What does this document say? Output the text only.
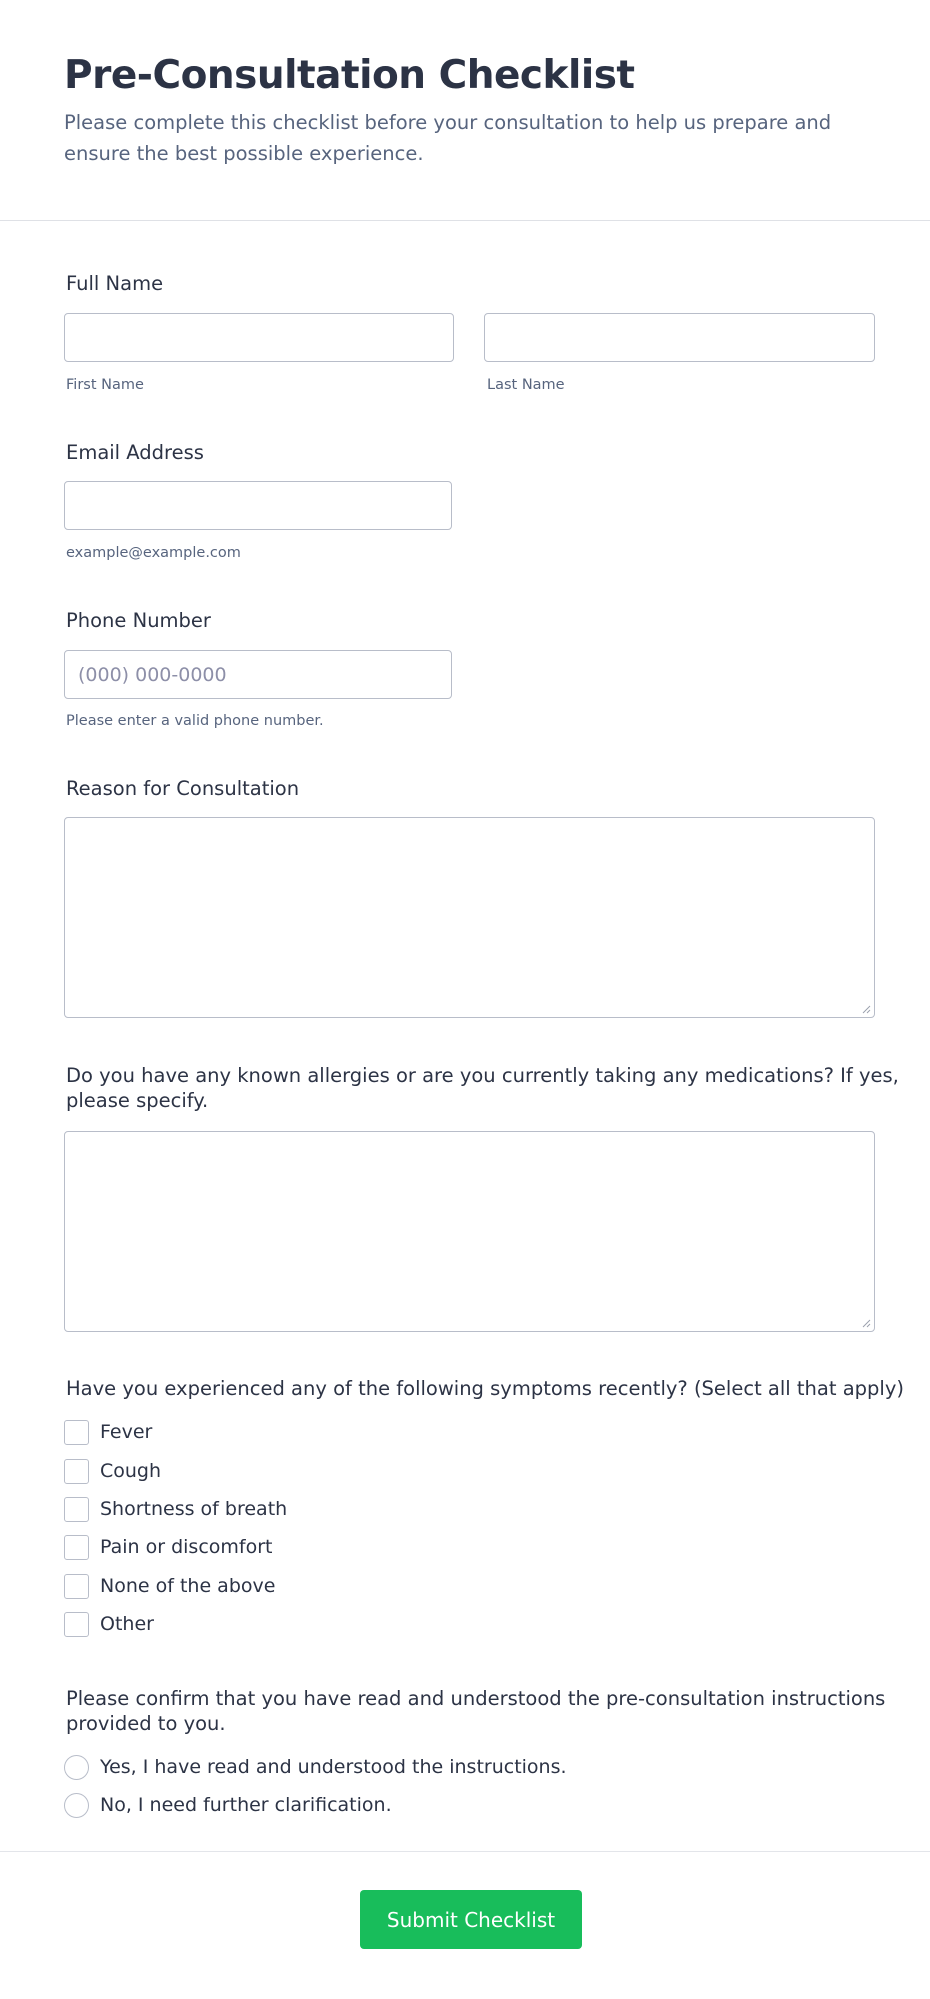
Pre-Consultation Checklist

Please complete this checklist before your consultation to help us prepare and ensure the best possible experience.

Full Name
First Name	Last Name
Email Address
example@example.com
Phone Number
(000) 000-0000
Please enter a valid phone number.
Reason for Consultation
Do you have any known allergies or are you currently taking any medications? If yes,
please specify.
Have you experienced any of the following symptoms recently? (Select all that apply)
Fever
Cough
Shortness of breath
Pain or discomfort
None of the above
Other
Please confirm that you have read and understood the pre-consultation instructions
provided to you.
Yes, I have read and understood the instructions.
No, I need further clarification.
Submit Checklist
